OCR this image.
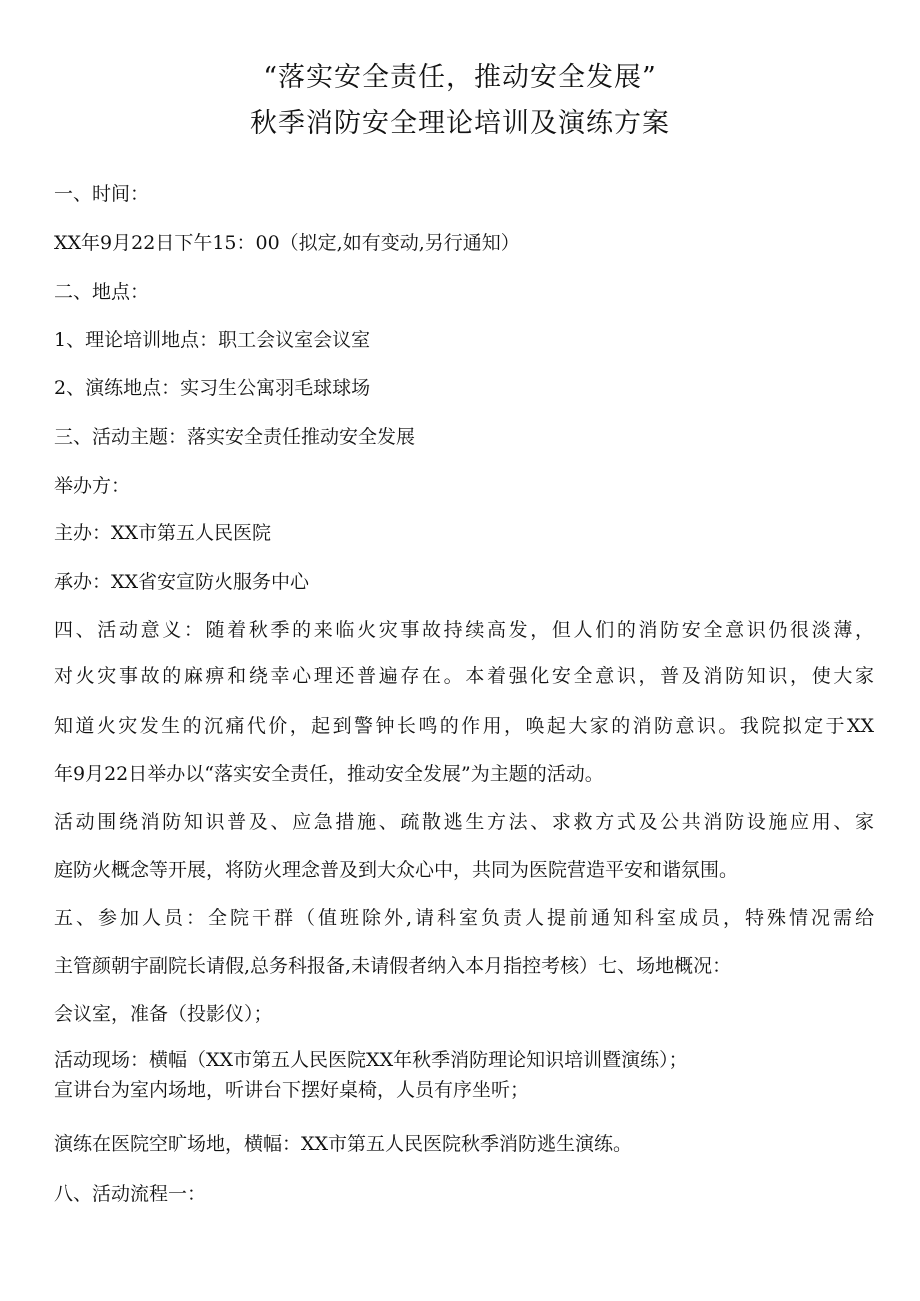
“落实安全责任，推动安全发展”
秋季消防安全理论培训及演练方案
一、时间：
XX年9月22日下午15：00（拟定,如有变动,另行通知）
二、地点：
1、理论培训地点：职工会议室会议室
2、演练地点：实习生公寓羽毛球球场
三、活动主题：落实安全责任推动安全发展
举办方：
主办：XX市第五人民医院
承办：XX省安宣防火服务中心
四、活动意义：随着秋季的来临火灾事故持续高发，但人们的消防安全意识仍很淡薄，
对火灾事故的麻痹和绕幸心理还普遍存在。本着强化安全意识，普及消防知识，使大家
知道火灾发生的沉痛代价，起到警钟长鸣的作用，唤起大家的消防意识。我院拟定于XX
年9月22日举办以“落实安全责任，推动安全发展”为主题的活动。
活动围绕消防知识普及、应急措施、疏散逃生方法、求救方式及公共消防设施应用、家
庭防火概念等开展，将防火理念普及到大众心中，共同为医院营造平安和谐氛围。
五、参加人员：全院干群（值班除外,请科室负责人提前通知科室成员，特殊情况需给
主管颜朝宇副院长请假,总务科报备,未请假者纳入本月指控考核）七、场地概况：
会议室，准备（投影仪）；
活动现场：横幅（XX市第五人民医院XX年秋季消防理论知识培训暨演练）；
宣讲台为室内场地，听讲台下摆好桌椅，人员有序坐听；
演练在医院空旷场地，横幅：XX市第五人民医院秋季消防逃生演练。
八、活动流程一：
